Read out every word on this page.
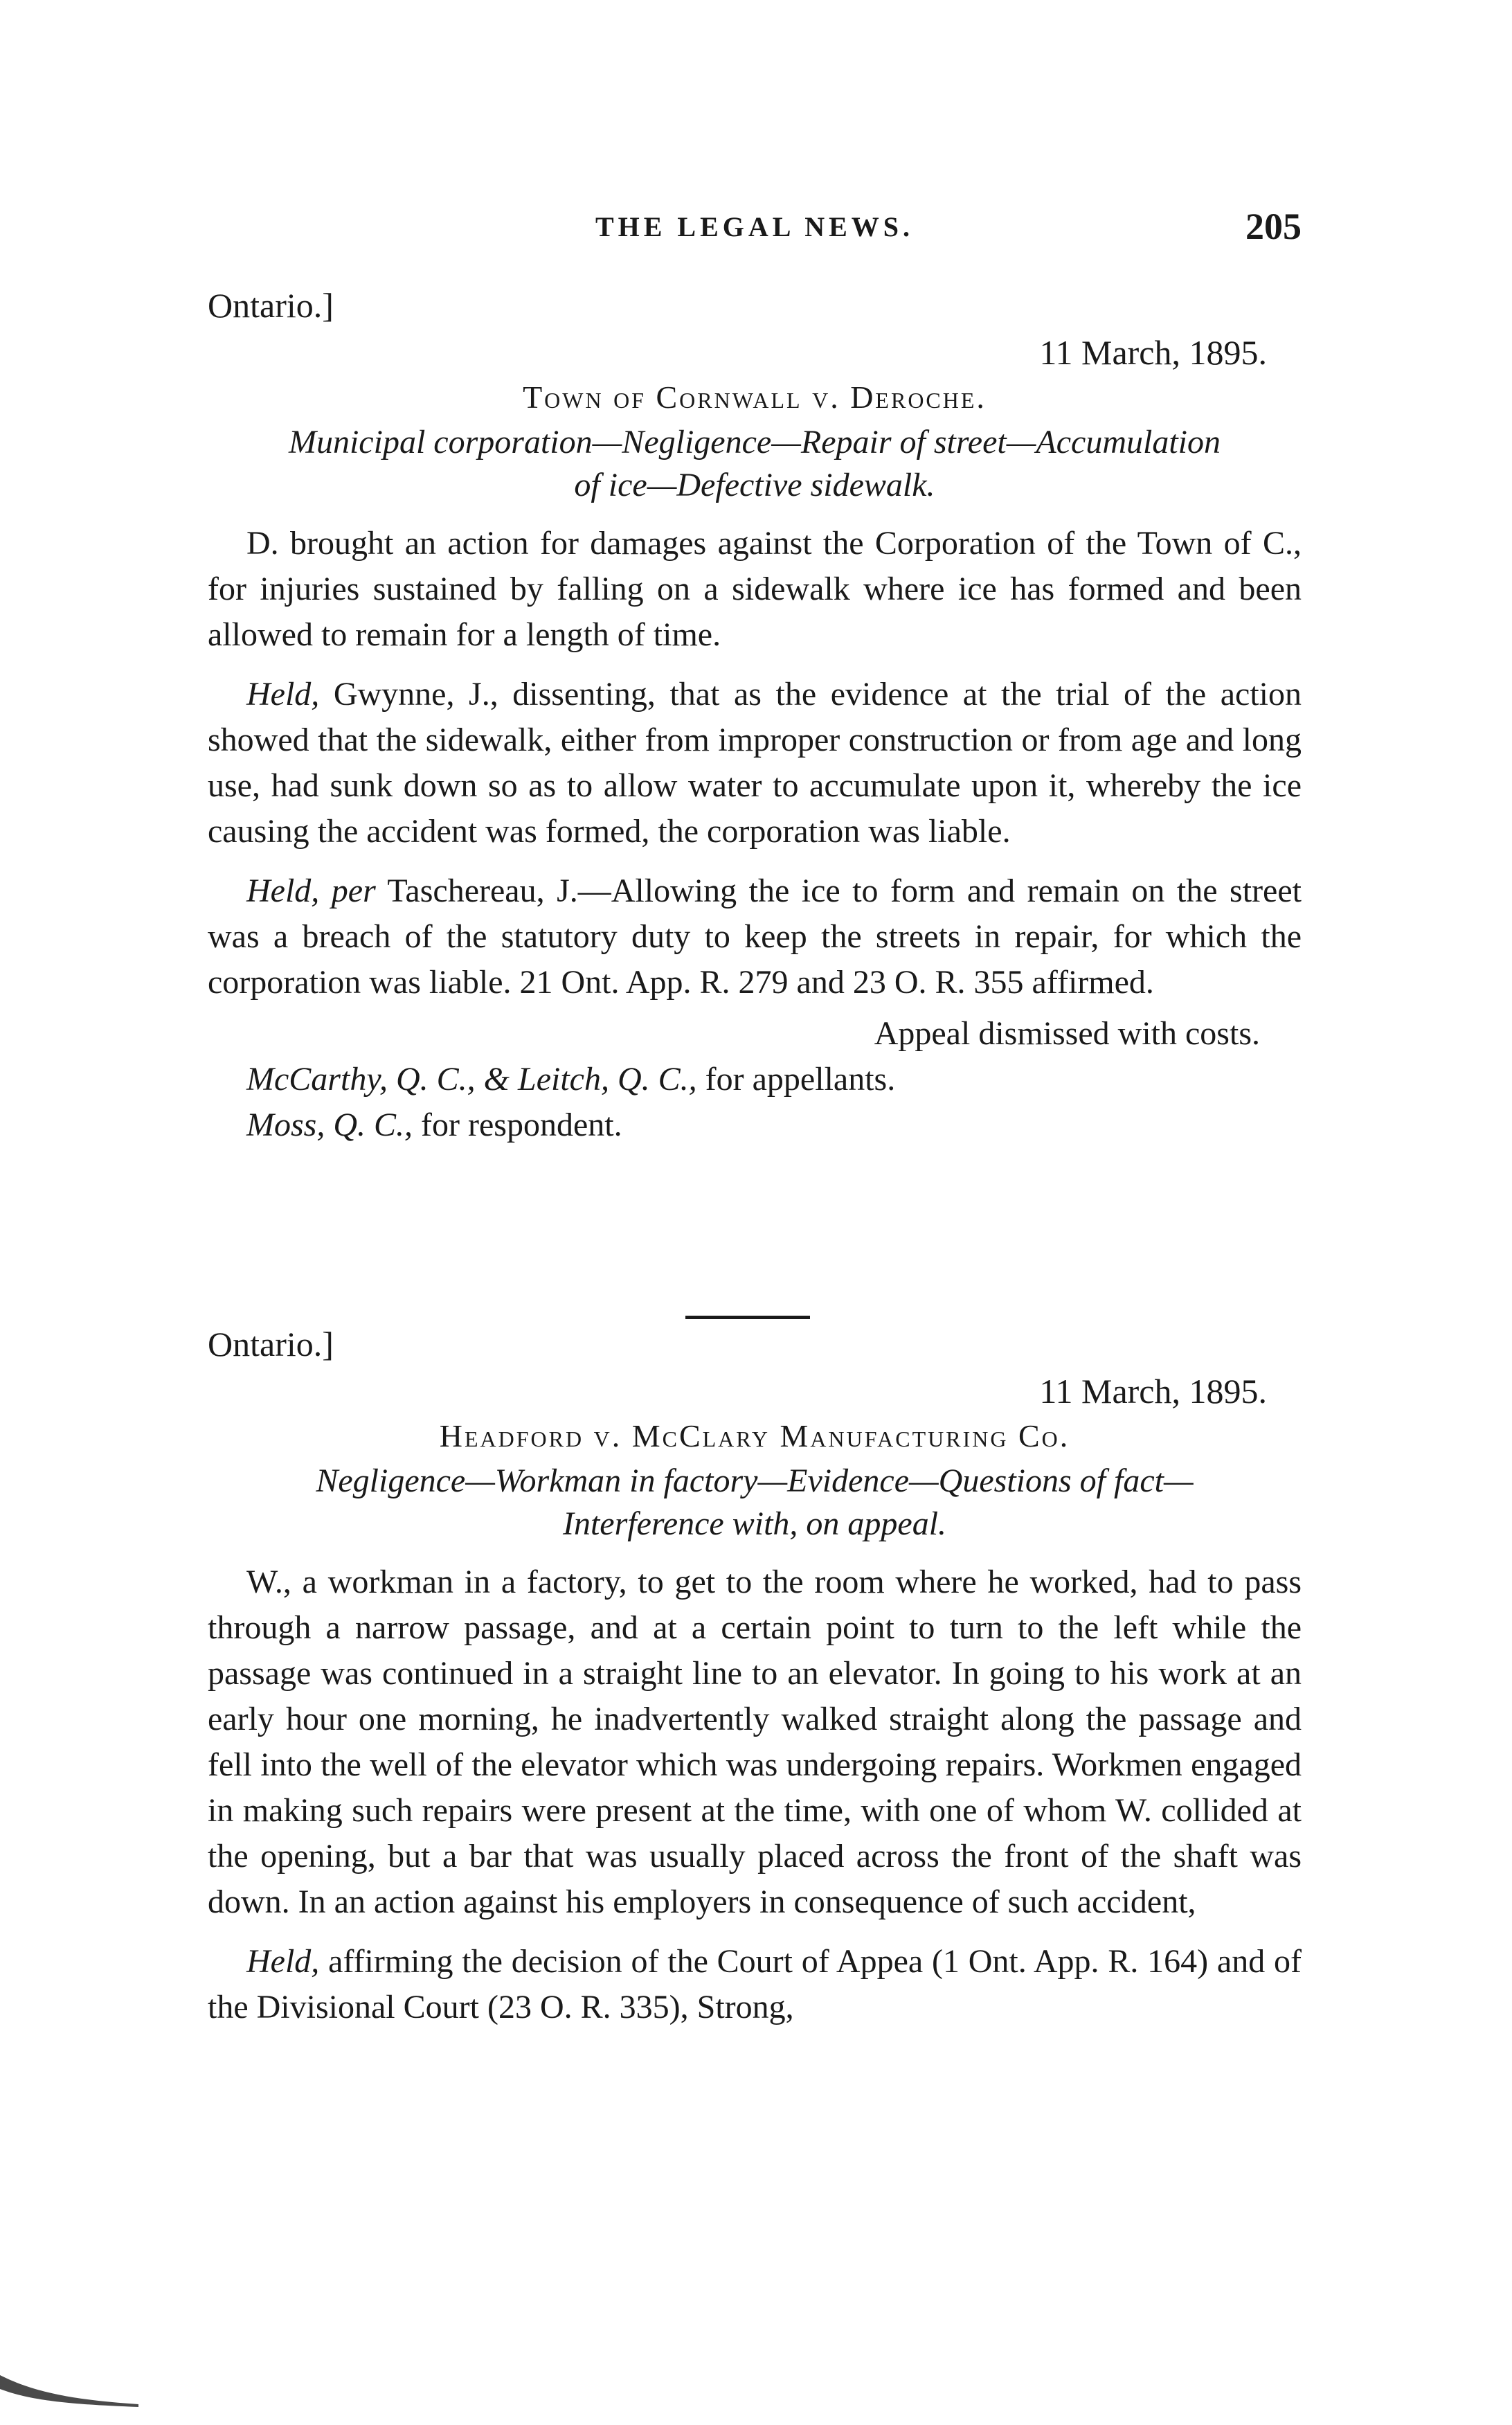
THE LEGAL NEWS.	205
Ontario.]
11 March, 1895.
Town of Cornwall v. Deroche.
Municipal corporation—Negligence—Repair of street—Accumulation
of ice—Defective sidewalk.

D. brought an action for damages against the Corporation of the Town of C., for injuries sustained by falling on a sidewalk where ice has formed and been allowed to remain for a length of time.

Held, Gwynne, J., dissenting, that as the evidence at the trial of the action showed that the sidewalk, either from improper construction or from age and long use, had sunk down so as to allow water to accumulate upon it, whereby the ice causing the accident was formed, the corporation was liable.

Held, per Taschereau, J.—Allowing the ice to form and remain on the street was a breach of the statutory duty to keep the streets in repair, for which the corporation was liable. 21 Ont. App. R. 279 and 23 O. R. 355 affirmed.

Appeal dismissed with costs.

McCarthy, Q. C., & Leitch, Q. C., for appellants.

Moss, Q. C., for respondent.

Ontario.]
11 March, 1895.
Headford v. McClary Manufacturing Co.
Negligence—Workman in factory—Evidence—Questions of fact—
Interference with, on appeal.

W., a workman in a factory, to get to the room where he worked, had to pass through a narrow passage, and at a certain point to turn to the left while the passage was continued in a straight line to an elevator. In going to his work at an early hour one morning, he inadvertently walked straight along the passage and fell into the well of the elevator which was undergoing repairs. Workmen engaged in making such repairs were present at the time, with one of whom W. collided at the opening, but a bar that was usually placed across the front of the shaft was down. In an action against his employers in consequence of such accident,

Held, affirming the decision of the Court of Appea (1 Ont. App. R. 164) and of the Divisional Court (23 O. R. 335), Strong,
